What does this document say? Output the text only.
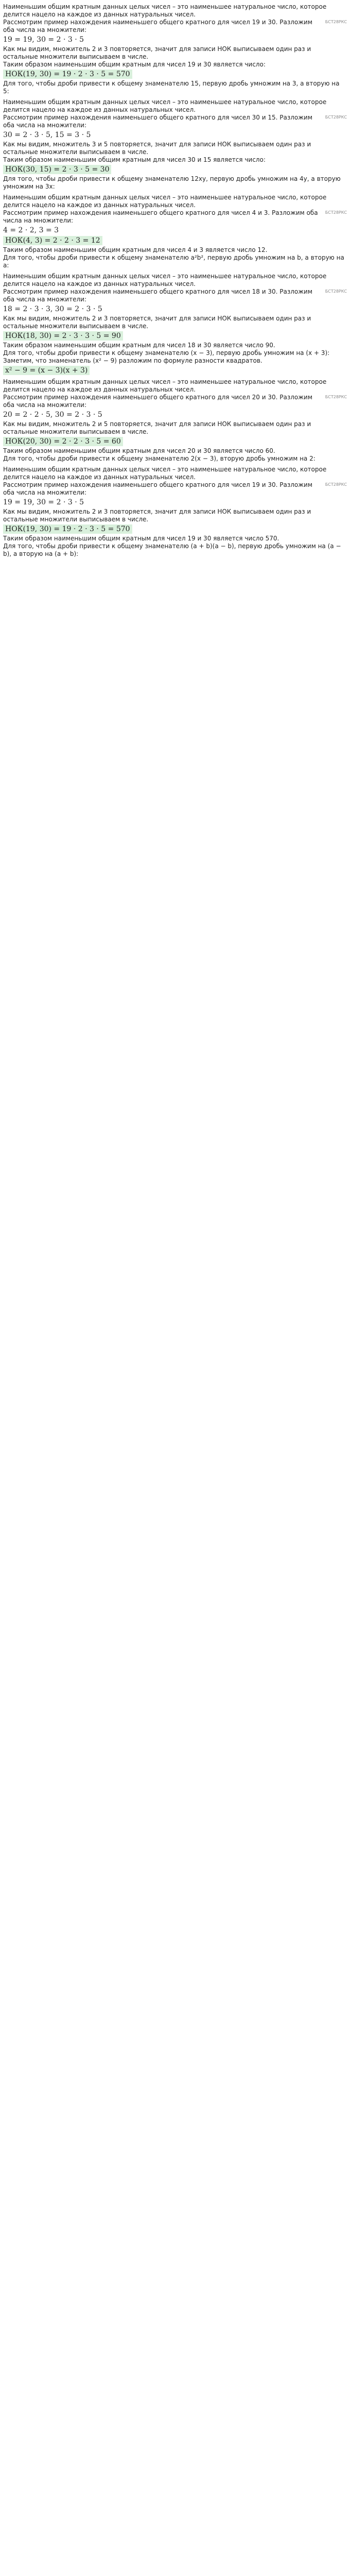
Наименьшим общим кратным данных целых чисел – это наименьшее натуральное число, которое делится нацело на каждое из данных натуральных чисел.

БСТ28РКС

Рассмотрим пример нахождения наименьшего общего кратного для чисел 19 и 30. Разложим оба числа на множители:

19 = 19, 30 = 2 · 3 · 5

Как мы видим, множитель 2 и 3 повторяется, значит для записи НОК выписываем один раз и остальные множители выписываем в числе.

Таким образом наименьшим общим кратным для чисел 19 и 30 является число:

НОК(19, 30) = 19 · 2 · 3 · 5 = 570

Для того, чтобы дроби привести к общему знаменателю 15, первую дробь умножим на 3, а вторую на 5:

Наименьшим общим кратным данных целых чисел – это наименьшее натуральное число, которое делится нацело на каждое из данных натуральных чисел.

БСТ28РКС

Рассмотрим пример нахождения наименьшего общего кратного для чисел 30 и 15. Разложим оба числа на множители:

30 = 2 · 3 · 5, 15 = 3 · 5

Как мы видим, множитель 3 и 5 повторяется, значит для записи НОК выписываем один раз и остальные множители выписываем в числе.

Таким образом наименьшим общим кратным для чисел 30 и 15 является число:

НОК(30, 15) = 2 · 3 · 5 = 30

Для того, чтобы дроби привести к общему знаменателю 12xy, первую дробь умножим на 4y, а вторую умножим на 3x:

Наименьшим общим кратным данных целых чисел – это наименьшее натуральное число, которое делится нацело на каждое из данных натуральных чисел.

БСТ28РКС

Рассмотрим пример нахождения наименьшего общего кратного для чисел 4 и 3. Разложим оба числа на множители:

4 = 2 · 2, 3 = 3

НОК(4, 3) = 2 · 2 · 3 = 12

Таким образом наименьшим общим кратным для чисел 4 и 3 является число 12.

Для того, чтобы дроби привести к общему знаменателю a²b², первую дробь умножим на b, а вторую на a:

Наименьшим общим кратным данных целых чисел – это наименьшее натуральное число, которое делится нацело на каждое из данных натуральных чисел.

БСТ28РКС

Рассмотрим пример нахождения наименьшего общего кратного для чисел 18 и 30. Разложим оба числа на множители:

18 = 2 · 3 · 3, 30 = 2 · 3 · 5

Как мы видим, множитель 2 и 3 повторяется, значит для записи НОК выписываем один раз и остальные множители выписываем в числе.

НОК(18, 30) = 2 · 3 · 3 · 5 = 90

Таким образом наименьшим общим кратным для чисел 18 и 30 является число 90.

Для того, чтобы дроби привести к общему знаменателю (x − 3), первую дробь умножим на (x + 3):

Заметим, что знаменатель (x² − 9) разложим по формуле разности квадратов.

x² − 9 = (x − 3)(x + 3)

Наименьшим общим кратным данных целых чисел – это наименьшее натуральное число, которое делится нацело на каждое из данных натуральных чисел.

БСТ28РКС

Рассмотрим пример нахождения наименьшего общего кратного для чисел 20 и 30. Разложим оба числа на множители:

20 = 2 · 2 · 5, 30 = 2 · 3 · 5

Как мы видим, множитель 2 и 5 повторяется, значит для записи НОК выписываем один раз и остальные множители выписываем в числе.

НОК(20, 30) = 2 · 2 · 3 · 5 = 60

Таким образом наименьшим общим кратным для чисел 20 и 30 является число 60.

Для того, чтобы дроби привести к общему знаменателю 2(x − 3), вторую дробь умножим на 2:

Наименьшим общим кратным данных целых чисел – это наименьшее натуральное число, которое делится нацело на каждое из данных натуральных чисел.

БСТ28РКС

Рассмотрим пример нахождения наименьшего общего кратного для чисел 19 и 30. Разложим оба числа на множители:

19 = 19, 30 = 2 · 3 · 5

Как мы видим, множитель 2 и 3 повторяется, значит для записи НОК выписываем один раз и остальные множители выписываем в числе.

НОК(19, 30) = 19 · 2 · 3 · 5 = 570

Таким образом наименьшим общим кратным для чисел 19 и 30 является число 570.

Для того, чтобы дроби привести к общему знаменателю (a + b)(a − b), первую дробь умножим на (a − b), а вторую на (a + b):
